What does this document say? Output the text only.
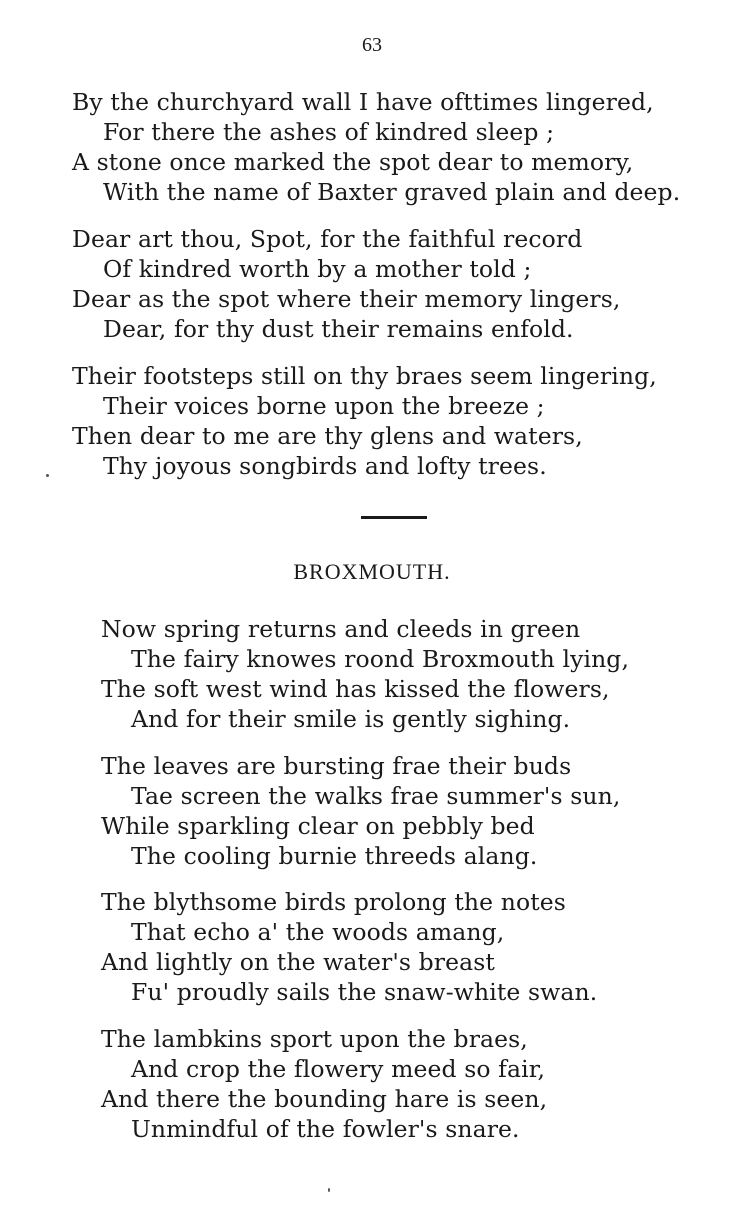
63
By the churchyard wall I have ofttimes lingered,
For there the ashes of kindred sleep ;
A stone once marked the spot dear to memory,
With the name of Baxter graved plain and deep.
Dear art thou, Spot, for the faithful record
Of kindred worth by a mother told ;
Dear as the spot where their memory lingers,
Dear, for thy dust their remains enfold.
Their footsteps still on thy braes seem lingering,
Their voices borne upon the breeze ;
Then dear to me are thy glens and waters,
Thy joyous songbirds and lofty trees.
BROXMOUTH.
Now spring returns and cleeds in green
The fairy knowes roond Broxmouth lying,
The soft west wind has kissed the flowers,
And for their smile is gently sighing.
The leaves are bursting frae their buds
Tae screen the walks frae summer's sun,
While sparkling clear on pebbly bed
The cooling burnie threeds alang.
The blythsome birds prolong the notes
That echo a' the woods amang,
And lightly on the water's breast
Fu' proudly sails the snaw-white swan.
The lambkins sport upon the braes,
And crop the flowery meed so fair,
And there the bounding hare is seen,
Unmindful of the fowler's snare.
